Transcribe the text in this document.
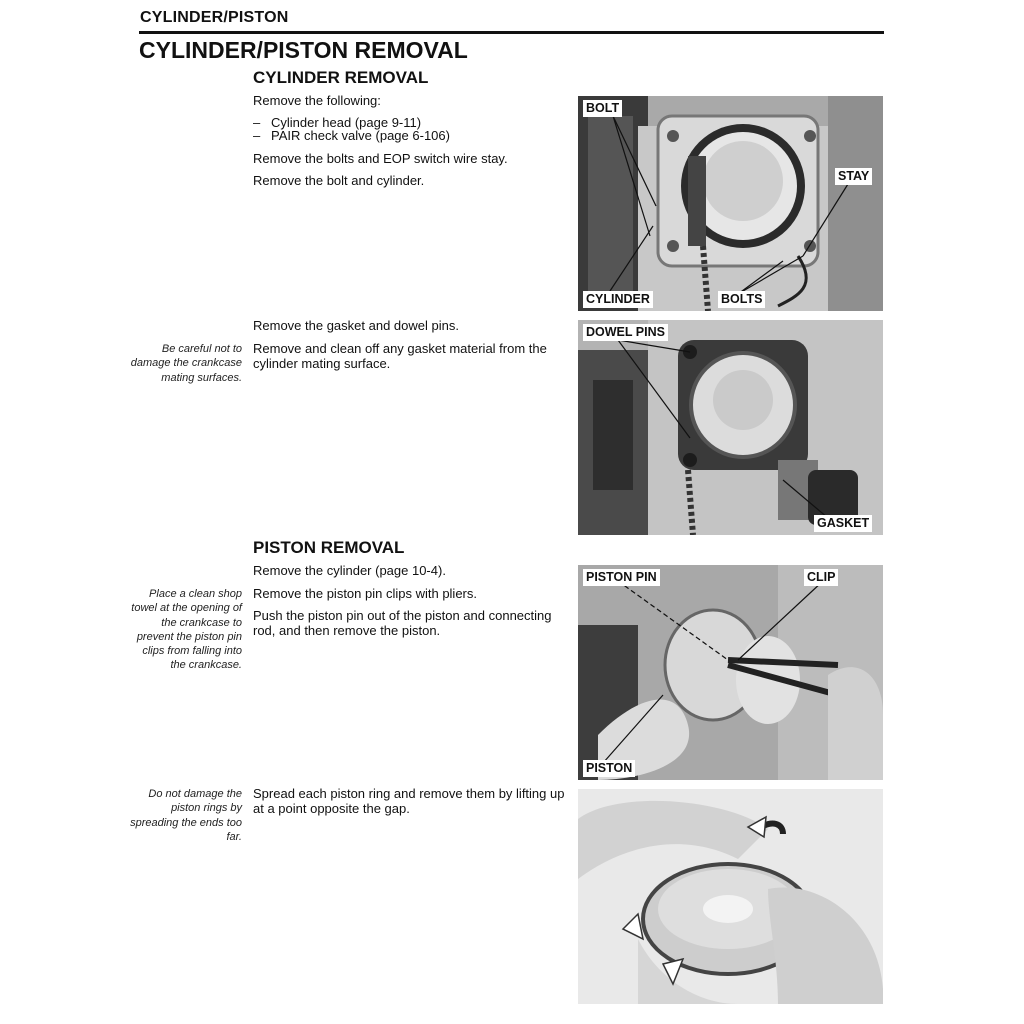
CYLINDER/PISTON
CYLINDER/PISTON REMOVAL
CYLINDER REMOVAL
Remove the following:
– Cylinder head (page 9-11)
– PAIR check valve (page 6-106)
Remove the bolts and EOP switch wire stay.
Remove the bolt and cylinder.
Remove the gasket and dowel pins.
Remove and clean off any gasket material from the cylinder mating surface.
Be careful not to damage the crankcase mating surfaces.
PISTON REMOVAL
Remove the cylinder (page 10-4).
Remove the piston pin clips with pliers.
Push the piston pin out of the piston and connecting rod, and then remove the piston.
Place a clean shop towel at the opening of the crankcase to prevent the piston pin clips from falling into the crankcase.
Spread each piston ring and remove them by lifting up at a point opposite the gap.
Do not damage the piston rings by spreading the ends too far.
BOLT
STAY
CYLINDER	BOLTS
DOWEL PINS
GASKET
PISTON PIN	CLIP
PISTON
